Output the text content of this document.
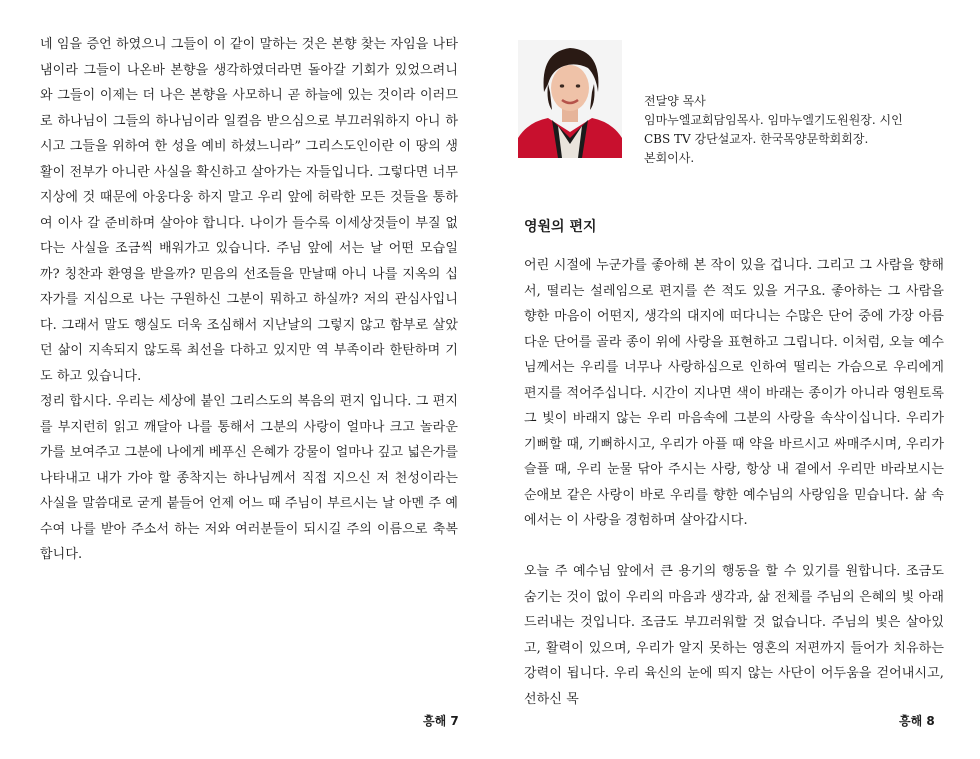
네 임을 증언 하였으니 그들이 이 같이 말하는 것은 본향 찾는 자임을 나타냄이라 그들이 나온바 본향을 생각하였더라면 돌아갈 기회가 있었으려니와 그들이 이제는 더 나은 본향을 사모하니 곧 하늘에 있는 것이라 이러므로 하나님이 그들의 하나님이라 일컬음 받으심으로 부끄러워하지 아니 하시고 그들을 위하여 한 성을 예비 하셨느니라” 그리스도인이란 이 땅의 생활이 전부가 아니란 사실을 확신하고 살아가는 자들입니다. 그렇다면 너무 지상에 것 때문에 아웅다웅 하지 말고 우리 앞에 허락한 모든 것들을 통하여 이사 갈 준비하며 살아야 합니다. 나이가 들수록 이세상것들이 부질 없다는 사실을 조금씩 배워가고 있습니다. 주님 앞에 서는 날 어떤 모습일까? 칭찬과 환영을 받을까? 믿음의 선조들을 만날때 아니 나를 지옥의 십자가를 지심으로 나는 구원하신 그분이 뭐하고 하실까? 저의 관심사입니다. 그래서 말도 행실도 더욱 조심해서 지난날의 그렇지 않고 함부로 살았던 삶이 지속되지 않도록 최선을 다하고 있지만 역 부족이라 한탄하며 기도 하고 있습니다.

정리 합시다. 우리는 세상에 붙인 그리스도의 복음의 편지 입니다. 그 편지를 부지런히 읽고 깨달아 나를 통해서 그분의 사랑이 얼마나 크고 놀라운가를 보여주고 그분에 나에게 베푸신 은혜가 강물이 얼마나 깊고 넓은가를 나타내고 내가 가야 할 종착지는 하나님께서 직접 지으신 저 천성이라는 사실을 말씀대로 굳게 붙들어 언제 어느 때 주님이 부르시는 날 아멘 주 예수여 나를 받아 주소서 하는 저와 여러분들이 되시길 주의 이름으로 축복 합니다.

흥해 7

전달양 목사

임마누엘교회담임목사. 임마누엘기도원원장. 시인

CBS TV 강단설교자. 한국목양문학회회장.

본회이사.

영원의 편지

어린 시절에 누군가를 좋아해 본 작이 있을 겁니다. 그리고 그 사람을 향해서, 떨리는 설레임으로 편지를 쓴 적도 있을 거구요. 좋아하는 그 사람을 향한 마음이 어떤지, 생각의 대지에 떠다니는 수많은 단어 중에 가장 아름다운 단어를 골라 종이 위에 사랑을 표현하고 그립니다. 이처럼, 오늘 예수님께서는 우리를 너무나 사랑하심으로 인하여 떨리는 가슴으로 우리에게 편지를 적어주십니다. 시간이 지나면 색이 바래는 종이가 아니라 영원토록 그 빛이 바래지 않는 우리 마음속에 그분의 사랑을 속삭이십니다. 우리가 기뻐할 때, 기뻐하시고, 우리가 아플 때 약을 바르시고 싸매주시며, 우리가 슬플 때, 우리 눈물 닦아 주시는 사랑, 항상 내 곁에서 우리만 바라보시는 순애보 같은 사랑이 바로 우리를 향한 예수님의 사랑임을 믿습니다. 삶 속에서는 이 사랑을 경험하며 살아갑시다.

오늘 주 예수님 앞에서 큰 용기의 행동을 할 수 있기를 원합니다. 조금도 숨기는 것이 없이 우리의 마음과 생각과, 삶 전체를 주님의 은혜의 빛 아래 드러내는 것입니다. 조금도 부끄러워할 것 없습니다. 주님의 빛은 살아있고, 활력이 있으며, 우리가 알지 못하는 영혼의 저편까지 들어가 치유하는 강력이 됩니다. 우리 육신의 눈에 띄지 않는 사단이 어두움을 걷어내시고, 선하신 목

흥해 8
